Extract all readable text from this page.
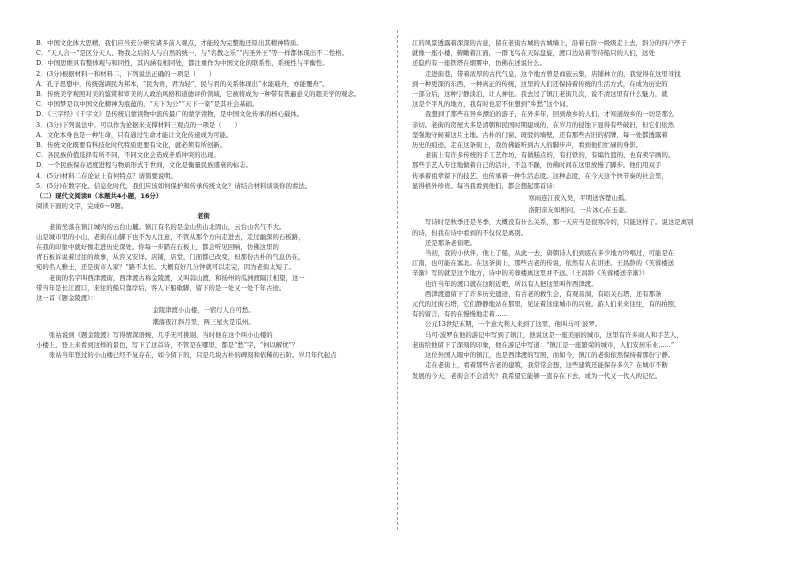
B．中国文化体大思精，我们应当充分研究诸多前人观点，才能较为完整地还原出其精神特质。
C．“天人合一”是区分天人、物我之后的人与自然的统一，与“名教之乐”“内圣外王”等一样都体现出不二性格。
D．中国思维具有整体观与和同性，其内涵有相同处，都注重作为中国文化的联系性、系统性与平衡性。
2．(3分)根据材料一和材料二，下列说法正确的一项是（　　）
A．孔子思想中，传统强调民为邦本，“民为贵，君为轻”，民与君的关系体现出“水能载舟，亦能覆舟”。
B．传统美学观照对美的鉴赏和审美的人政治风格和道德评价领域，它被将成为一种带有普遍意义的超美学的观念。
C．中国梦是以中国文化精神为底蕴的，“天下为公”“天下一家”是其社会基础。
D．《三字经》《千字文》是传统启蒙读物中流传最广的蒙学读物，是中国文化传承的核心载体。
3．(3分)下列说法中，可以作为论据来支撑材料三观点的一项是（　　）
A．文化本身也是一种生命，只有通过生命才能让文化传递成为可能。
B．传统文化既要有科技化时代特质更要有文化，就必须有所创新。
C．各民族价值选择有所不同，不同文化会造成矛盾冲突的出现。
D．一个民族保存适度进程与物质形式于世间，文化是衡量民族盛衰的标志。
4．(5分)材料二在论证上有何特点？请简要说明。
5．(5分)在数字化、信息化时代，我们应该如何保护和传承传统文化？请结合材料谈谈你的看法。
（二）现代文阅读Ⅱ（本题共4小题，16分）
阅读下面的文字，完成6～9题。
老街
老街坐落在镇江城内的云台山麓。镇江有名的是金山焦山北固山，云台山名气不大。
山是城市里的小山，老街在山脚下也不为人注意，不管从那个方向走进去，走过幽深的石板路，
在我的印象中就好像走进历史深处。你每一步踏在石板上，都会听见回响，仿佛这里的
青石板诉说着过往的故事，从容又安详。店铺，店堂，门面都已改变，但那份古朴的气息仍在，
宛的名人雅士，还是街市人家？”路不太长。大概有好几分钟就可以走完，因为老街太短了。
老街的名字叫西津渡街，西津渡古称金陵渡，又叫蒜山渡，和扬州的瓜洲渡隔江相望，这一
带当年是长江渡口，来往的船只靠岸后，客人下船歇脚，留下的是一处又一处千年古迹。
这一首《题金陵渡》：
金陵津渡小山楼，一宿行人自可愁。
潮落夜江斜月里，两三星火是瓜州。
张祜说到《题金陵渡》写得情深语婉，几乎无可挑剔，当时他在这个叫小山楼的
小楼上，登上来看到这样的景色，写下了这首诗，不管是在哪里，都是“愁”字，“何以解忧”？
张祜当年登过的小山楼已经不复存在，如今留下的，只是几块古朴的碑刻和依稀的石阶。岁月年代起点
江的风景透露着深深的古意，留在老街古城的古城墙上，沿着石阶一级级走上去，斜分的四户亭子
就像一座小楼，俯瞰着江面，一群飞鸟在天际盘旋，渡口边站着等待船只的人们，远处
还隐约有一座铁塔在烟雾中，仿佛在述说什么。
走进街巷，带着浓厚的古代气息，这个地方曾是商旅云集，店铺林立的，我觉得在这里寻找
到一种更深的东西，一种真正的传统，这里的人们还保持着传统的生活方式，在成为历史的
一部分后，这种宁静淡泊，让人神往。我去过了镇江老街几次，说不清这里有什么魅力，就
这是个平凡的地方，我有时也忍不住想到“乡愁”这个词。
我想到了那些在异乡漂泊的游子，在外多年，回到故乡的人们，才知道故乡的一切是那么
亲切。老街的房屋大多是清朝和民国时期建成的，在岁月的侵蚀下显得有些破旧，但它们依然
坚强地守候着这片土地。古朴的门窗，斑驳的墙壁，还有那些古旧的招牌，每一处都透露着
历史的痕迹。走在这条街上，我仿佛能听到古人的脚步声，看到他们忙碌的身影。
老街上有许多传统的手工艺作坊，有做糕点的，有打铁的，有编竹篮的，也有卖字画的。
那些手艺人专注地做着自己的活计，不急不躁，仿佛时间在这里放慢了脚步。他们用双手
传承着祖辈留下的技艺，也传承着一种生活态度。这种态度，在今天这个快节奏的社会里，
显得格外珍贵。每当我看到他们，都会想起那首诗：
寒雨连江夜入吴，平明送客楚山孤。
洛阳亲友如相问，一片冰心在玉壶。
写诗时是秋季还是冬季，大概没有什么关系，那一天应当是很寒冷的，只能这样了。说这是离别
的诗，但我在诗中看到的不仅仅是离别。
还是那条老街吧。
当初，我的小伙伴，他上了船，从此一去，唐朝诗人们到底在多少地方吟唱过，可能是在
江南，也可能在塞北。在这条街上，那些古老的传说，依然有人在讲述。王昌龄的《芙蓉楼送
辛渐》写的就是这个地方，诗中的芙蓉楼离这里并不远。（王昌龄《芙蓉楼送辛渐》）
也许当年的渡口就在这附近吧，所以有人把这里叫作西津渡。
西津渡遗留下了许多历史遗迹，有古老的救生会，有观音洞，有昭关石塔，还有那条
元代的过街石塔，它们静静地站在那里，见证着这座城市的兴衰。游人们来来往往，有的拍照，
有的留言，有的在慢慢地走着……
公元13世纪末期，一个意大利人来到了这里，他叫马可·波罗。
马可·波罗在他的游记中写到了镇江，他说这是一座美丽的城市，这里有许多商人和手艺人，
老街给他留下了深刻的印象，他在游记中写道：“镇江是一座繁荣的城市，人们安居乐业……”
这位外国人眼中的镇江，也是西津渡的写照，而如今，镇江的老街依然保持着那份宁静。
走在老街上，看着那些古老的建筑，我常常会想，这些建筑还能保存多久？在城市不断
发展的今天，老街会不会消失？我希望它能够一直存在下去，成为一代又一代人的记忆。
